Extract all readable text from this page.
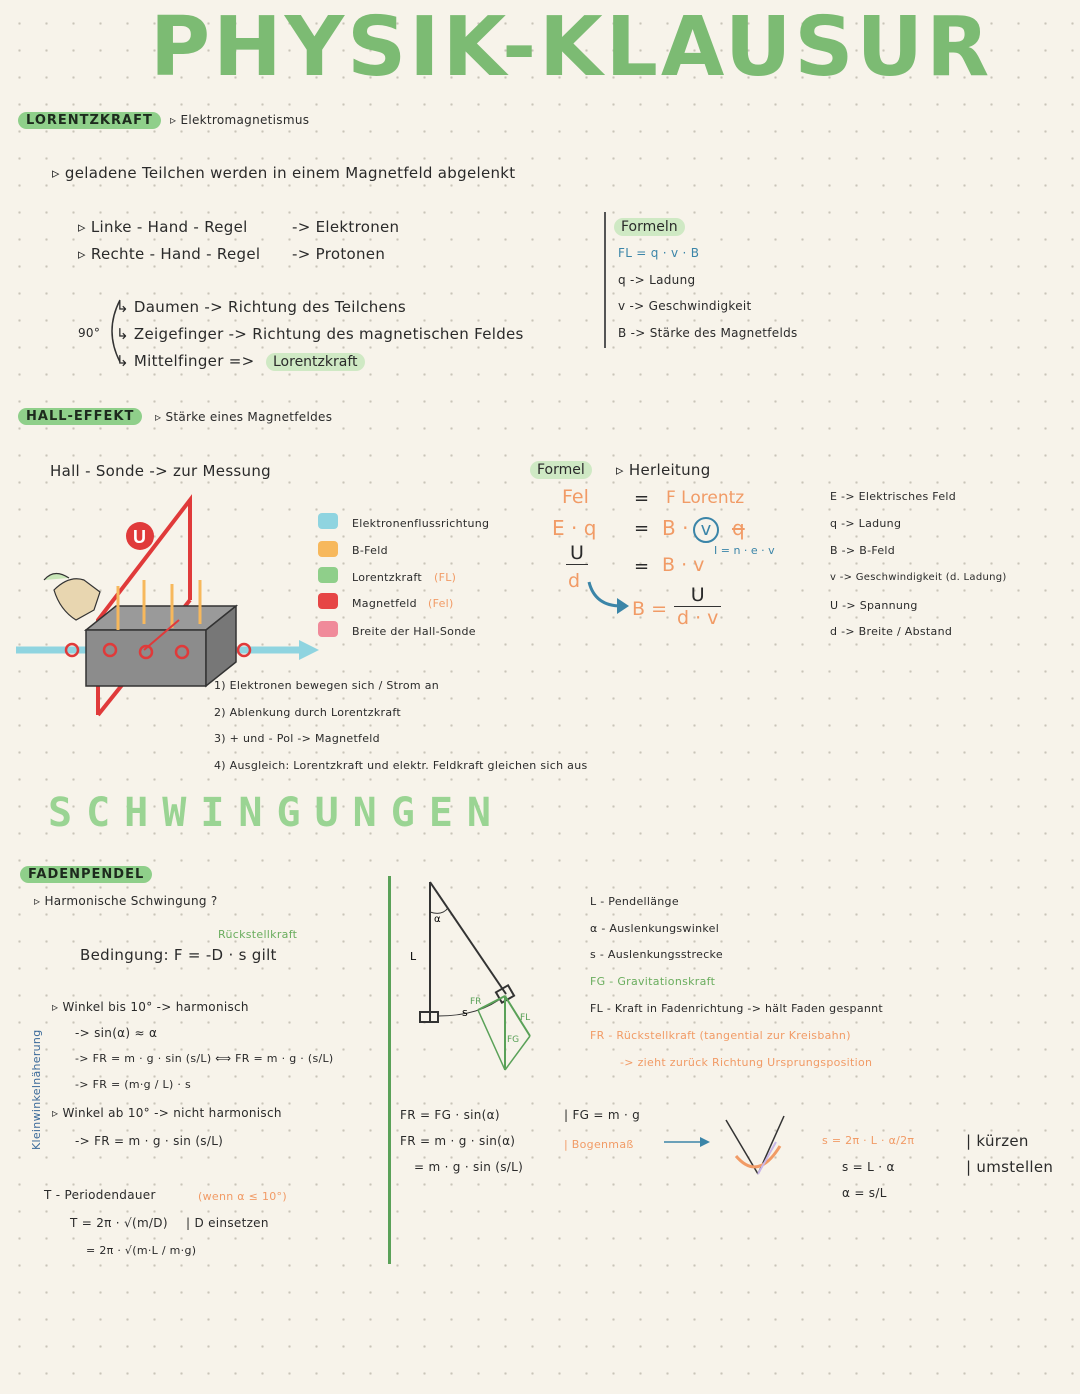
PHYSIK-KLAUSUR
LORENTZKRAFT	▹ Elektromagnetismus
▹ geladene Teilchen werden in einem Magnetfeld abgelenkt
▹ Linke - Hand - Regel	-> Elektronen
▹ Rechte - Hand - Regel -> Protonen
90°
↳ Daumen -> Richtung des Teilchens
↳ Zeigefinger -> Richtung des magnetischen Feldes
↳ Mittelfinger =>	Lorentzkraft
Formeln
FL = q · v · B
q -> Ladung
v -> Geschwindigkeit
B -> Stärke des Magnetfelds
HALL-EFFEKT	▹ Stärke eines Magnetfeldes
Hall - Sonde -> zur Messung
U
Elektronenflussrichtung
B-Feld
Lorentzkraft (FL)
Magnetfeld (Fel)
Breite der Hall-Sonde
1) Elektronen bewegen sich / Strom an
2) Ablenkung durch Lorentzkraft
3) + und - Pol -> Magnetfeld
4) Ausgleich: Lorentzkraft und elektr. Feldkraft gleichen sich aus
Formel	▹ Herleitung
Fel	= F Lorentz
E · q = B · v	q
I = n · e · v
U
d
= B · v
$B = \frac{U}{d \cdot v}$
E -> Elektrisches Feld
q -> Ladung
B -> B-Feld
v -> Geschwindigkeit (d. Ladung)
U -> Spannung
d -> Breite / Abstand
SCHWINGUNGEN
FADENPENDEL
▹ Harmonische Schwingung ?
Rückstellkraft
Bedingung: F = -D · s gilt
Kleinwinkelnäherung
▹ Winkel bis 10° -> harmonisch
-> sin(α) ≈ α
-> FR = m · g · sin (s/L) ⟺ FR = m · g · (s/L)
-> FR = (m·g / L) · s
▹ Winkel ab 10° -> nicht harmonisch
-> FR = m · g · sin (s/L)
T - Periodendauer	(wenn α ≤ 10°)
T = 2π · √(m/D) | D einsetzen
= 2π · √(m·L / m·g)
α
L
s
FR
FL
FG
L - Pendellänge
α - Auslenkungswinkel
s - Auslenkungsstrecke
FG - Gravitationskraft
FL - Kraft in Fadenrichtung -> hält Faden gespannt
FR - Rückstellkraft (tangential zur Kreisbahn)
-> zieht zurück Richtung Ursprungsposition
FR = FG · sin(α)
FR = m · g · sin(α)
= m · g · sin (s/L)
| FG = m · g
| Bogenmaß	s = 2π · L · α/2π
s = L · α
α = s/L
| kürzen
| umstellen
